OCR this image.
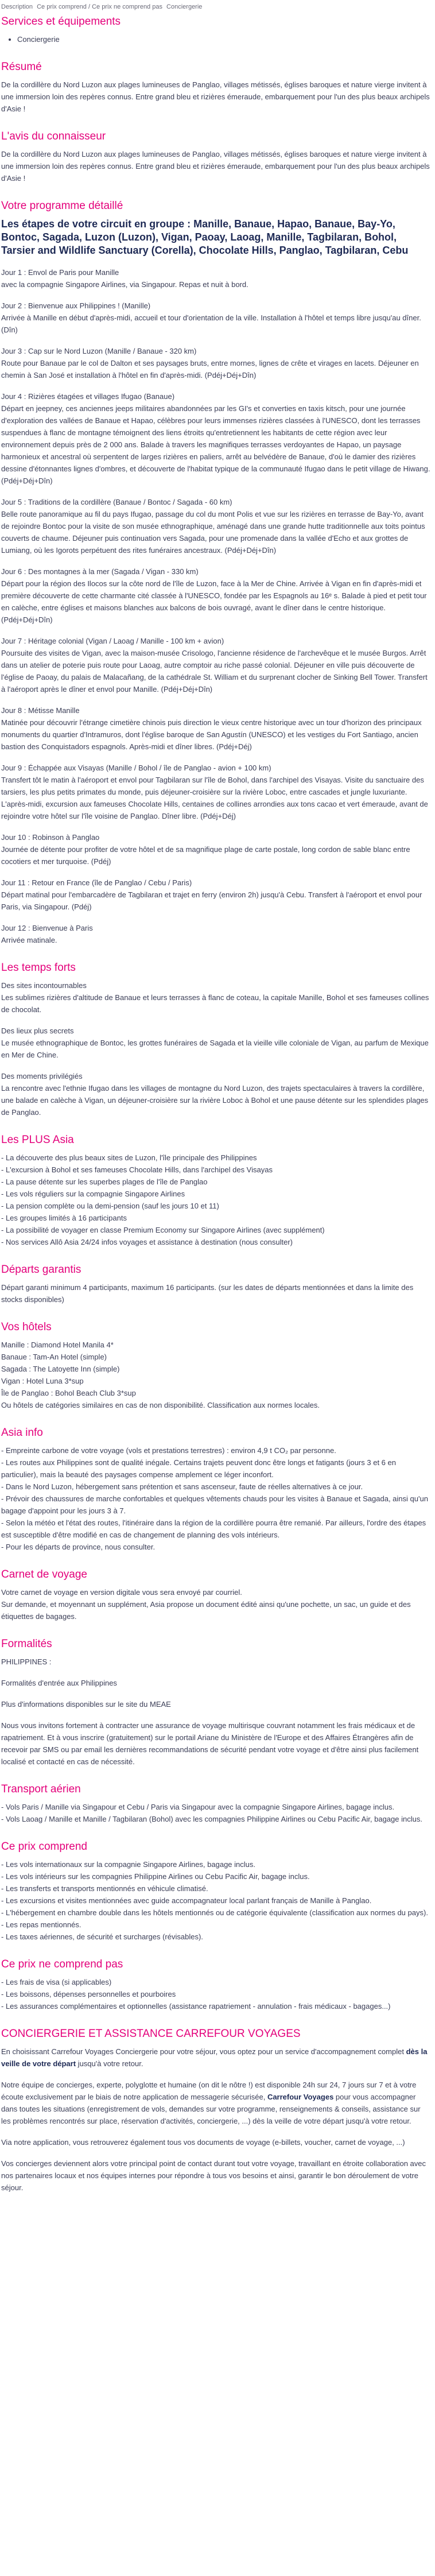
Description Ce prix comprend / Ce prix ne comprend pas Conciergerie
Services et équipements
• Conciergerie
Résumé

De la cordillère du Nord Luzon aux plages lumineuses de Panglao, villages métissés, églises baroques et nature vierge invitent à une immersion loin des repères connus. Entre grand bleu et rizières émeraude, embarquement pour l'un des plus beaux archipels d'Asie !

L'avis du connaisseur

De la cordillère du Nord Luzon aux plages lumineuses de Panglao, villages métissés, églises baroques et nature vierge invitent à une immersion loin des repères connus. Entre grand bleu et rizières émeraude, embarquement pour l'un des plus beaux archipels d'Asie !

Votre programme détaillé
Les étapes de votre circuit en groupe : Manille, Banaue, Hapao, Banaue, Bay-Yo, Bontoc, Sagada, Luzon (Luzon), Vigan, Paoay, Laoag, Manille, Tagbilaran, Bohol, Tarsier and Wildlife Sanctuary (Corella), Chocolate Hills, Panglao, Tagbilaran, Cebu

Jour 1 : Envol de Paris pour Manille
avec la compagnie Singapore Airlines, via Singapour. Repas et nuit à bord.

Jour 2 : Bienvenue aux Philippines ! (Manille)
Arrivée à Manille en début d'après-midi, accueil et tour d'orientation de la ville. Installation à l'hôtel et temps libre jusqu'au dîner. (Dîn)

Jour 3 : Cap sur le Nord Luzon (Manille / Banaue - 320 km)
Route pour Banaue par le col de Dalton et ses paysages bruts, entre mornes, lignes de crête et virages en lacets. Déjeuner en chemin à San José et installation à l'hôtel en fin d'après-midi. (Pdéj+Déj+Dîn)

Jour 4 : Rizières étagées et villages Ifugao (Banaue)
Départ en jeepney, ces anciennes jeeps militaires abandonnées par les GI's et converties en taxis kitsch, pour une journée d'exploration des vallées de Banaue et Hapao, célèbres pour leurs immenses rizières classées à l'UNESCO, dont les terrasses suspendues à flanc de montagne témoignent des liens étroits qu'entretiennent les habitants de cette région avec leur environnement depuis près de 2 000 ans. Balade à travers les magnifiques terrasses verdoyantes de Hapao, un paysage harmonieux et ancestral où serpentent de larges rizières en paliers, arrêt au belvédère de Banaue, d'où le damier des rizières dessine d'étonnantes lignes d'ombres, et découverte de l'habitat typique de la communauté Ifugao dans le petit village de Hiwang. (Pdéj+Déj+Dîn)

Jour 5 : Traditions de la cordillère (Banaue / Bontoc / Sagada - 60 km)
Belle route panoramique au fil du pays Ifugao, passage du col du mont Polis et vue sur les rizières en terrasse de Bay-Yo, avant de rejoindre Bontoc pour la visite de son musée ethnographique, aménagé dans une grande hutte traditionnelle aux toits pointus couverts de chaume. Déjeuner puis continuation vers Sagada, pour une promenade dans la vallée d'Echo et aux grottes de Lumiang, où les Igorots perpétuent des rites funéraires ancestraux. (Pdéj+Déj+Dîn)

Jour 6 : Des montagnes à la mer (Sagada / Vigan - 330 km)
Départ pour la région des Ilocos sur la côte nord de l'île de Luzon, face à la Mer de Chine. Arrivée à Vigan en fin d'après-midi et première découverte de cette charmante cité classée à l'UNESCO, fondée par les Espagnols au 16ᵉ s. Balade à pied et petit tour en calèche, entre églises et maisons blanches aux balcons de bois ouvragé, avant le dîner dans le centre historique. (Pdéj+Déj+Dîn)

Jour 7 : Héritage colonial (Vigan / Laoag / Manille - 100 km + avion)
Poursuite des visites de Vigan, avec la maison-musée Crisologo, l'ancienne résidence de l'archevêque et le musée Burgos. Arrêt dans un atelier de poterie puis route pour Laoag, autre comptoir au riche passé colonial. Déjeuner en ville puis découverte de l'église de Paoay, du palais de Malacañang, de la cathédrale St. William et du surprenant clocher de Sinking Bell Tower. Transfert à l'aéroport après le dîner et envol pour Manille. (Pdéj+Déj+Dîn)

Jour 8 : Métisse Manille
Matinée pour découvrir l'étrange cimetière chinois puis direction le vieux centre historique avec un tour d'horizon des principaux monuments du quartier d'Intramuros, dont l'église baroque de San Agustín (UNESCO) et les vestiges du Fort Santiago, ancien bastion des Conquistadors espagnols. Après-midi et dîner libres. (Pdéj+Déj)

Jour 9 : Échappée aux Visayas (Manille / Bohol / île de Panglao - avion + 100 km)
Transfert tôt le matin à l'aéroport et envol pour Tagbilaran sur l'île de Bohol, dans l'archipel des Visayas. Visite du sanctuaire des tarsiers, les plus petits primates du monde, puis déjeuner-croisière sur la rivière Loboc, entre cascades et jungle luxuriante. L'après-midi, excursion aux fameuses Chocolate Hills, centaines de collines arrondies aux tons cacao et vert émeraude, avant de rejoindre votre hôtel sur l'île voisine de Panglao. Dîner libre. (Pdéj+Déj)

Jour 10 : Robinson à Panglao
Journée de détente pour profiter de votre hôtel et de sa magnifique plage de carte postale, long cordon de sable blanc entre cocotiers et mer turquoise. (Pdéj)

Jour 11 : Retour en France (île de Panglao / Cebu / Paris)
Départ matinal pour l'embarcadère de Tagbilaran et trajet en ferry (environ 2h) jusqu'à Cebu. Transfert à l'aéroport et envol pour Paris, via Singapour. (Pdéj)

Jour 12 : Bienvenue à Paris
Arrivée matinale.

Les temps forts

Des sites incontournables
Les sublimes rizières d'altitude de Banaue et leurs terrasses à flanc de coteau, la capitale Manille, Bohol et ses fameuses collines de chocolat.

Des lieux plus secrets
Le musée ethnographique de Bontoc, les grottes funéraires de Sagada et la vieille ville coloniale de Vigan, au parfum de Mexique en Mer de Chine.

Des moments privilégiés
La rencontre avec l'ethnie Ifugao dans les villages de montagne du Nord Luzon, des trajets spectaculaires à travers la cordillère, une balade en calèche à Vigan, un déjeuner-croisière sur la rivière Loboc à Bohol et une pause détente sur les splendides plages de Panglao.

Les PLUS Asia
- La découverte des plus beaux sites de Luzon, l'île principale des Philippines
- L'excursion à Bohol et ses fameuses Chocolate Hills, dans l'archipel des Visayas
- La pause détente sur les superbes plages de l'île de Panglao
- Les vols réguliers sur la compagnie Singapore Airlines
- La pension complète ou la demi-pension (sauf les jours 10 et 11)
- Les groupes limités à 16 participants
- La possibilité de voyager en classe Premium Economy sur Singapore Airlines (avec supplément)
- Nos services Allô Asia 24/24 infos voyages et assistance à destination (nous consulter)
Départs garantis

Départ garanti minimum 4 participants, maximum 16 participants. (sur les dates de départs mentionnées et dans la limite des stocks disponibles)

Vos hôtels

Manille : Diamond Hotel Manila 4*
Banaue : Tam-An Hotel (simple)
Sagada : The Latoyette Inn (simple)
Vigan : Hotel Luna 3*sup
Île de Panglao : Bohol Beach Club 3*sup
Ou hôtels de catégories similaires en cas de non disponibilité. Classification aux normes locales.

Asia info
- Empreinte carbone de votre voyage (vols et prestations terrestres) : environ 4,9 t CO₂ par personne.
- Les routes aux Philippines sont de qualité inégale. Certains trajets peuvent donc être longs et fatigants (jours 3 et 6 en particulier), mais la beauté des paysages compense amplement ce léger inconfort.
- Dans le Nord Luzon, hébergement sans prétention et sans ascenseur, faute de réelles alternatives à ce jour.
- Prévoir des chaussures de marche confortables et quelques vêtements chauds pour les visites à Banaue et Sagada, ainsi qu'un bagage d'appoint pour les jours 3 à 7.
- Selon la météo et l'état des routes, l'itinéraire dans la région de la cordillère pourra être remanié. Par ailleurs, l'ordre des étapes est susceptible d'être modifié en cas de changement de planning des vols intérieurs.
- Pour les départs de province, nous consulter.
Carnet de voyage

Votre carnet de voyage en version digitale vous sera envoyé par courriel.
Sur demande, et moyennant un supplément, Asia propose un document édité ainsi qu'une pochette, un sac, un guide et des étiquettes de bagages.

Formalités

PHILIPPINES :

Formalités d'entrée aux Philippines

Plus d'informations disponibles sur le site du MEAE

Nous vous invitons fortement à contracter une assurance de voyage multirisque couvrant notamment les frais médicaux et de rapatriement. Et à vous inscrire (gratuitement) sur le portail Ariane du Ministère de l'Europe et des Affaires Étrangères afin de recevoir par SMS ou par email les dernières recommandations de sécurité pendant votre voyage et d'être ainsi plus facilement localisé et contacté en cas de nécessité.

Transport aérien
- Vols Paris / Manille via Singapour et Cebu / Paris via Singapour avec la compagnie Singapore Airlines, bagage inclus.
- Vols Laoag / Manille et Manille / Tagbilaran (Bohol) avec les compagnies Philippine Airlines ou Cebu Pacific Air, bagage inclus.
Ce prix comprend
- Les vols internationaux sur la compagnie Singapore Airlines, bagage inclus.
- Les vols intérieurs sur les compagnies Philippine Airlines ou Cebu Pacific Air, bagage inclus.
- Les transferts et transports mentionnés en véhicule climatisé.
- Les excursions et visites mentionnées avec guide accompagnateur local parlant français de Manille à Panglao.
- L'hébergement en chambre double dans les hôtels mentionnés ou de catégorie équivalente (classification aux normes du pays).
- Les repas mentionnés.
- Les taxes aériennes, de sécurité et surcharges (révisables).
Ce prix ne comprend pas
- Les frais de visa (si applicables)
- Les boissons, dépenses personnelles et pourboires
- Les assurances complémentaires et optionnelles (assistance rapatriement - annulation - frais médicaux - bagages...)
CONCIERGERIE ET ASSISTANCE CARREFOUR VOYAGES

En choisissant Carrefour Voyages Conciergerie pour votre séjour, vous optez pour un service d'accompagnement complet dès la veille de votre départ jusqu'à votre retour.

Notre équipe de concierges, experte, polyglotte et humaine (on dit le nôtre !) est disponible 24h sur 24, 7 jours sur 7 et à votre écoute exclusivement par le biais de notre application de messagerie sécurisée, Carrefour Voyages pour vous accompagner dans toutes les situations (enregistrement de vols, demandes sur votre programme, renseignements & conseils, assistance sur les problèmes rencontrés sur place, réservation d'activités, conciergerie, ...) dès la veille de votre départ jusqu'à votre retour.

Via notre application, vous retrouverez également tous vos documents de voyage (e-billets, voucher, carnet de voyage, ...)

Vos concierges deviennent alors votre principal point de contact durant tout votre voyage, travaillant en étroite collaboration avec nos partenaires locaux et nos équipes internes pour répondre à tous vos besoins et ainsi, garantir le bon déroulement de votre séjour.
